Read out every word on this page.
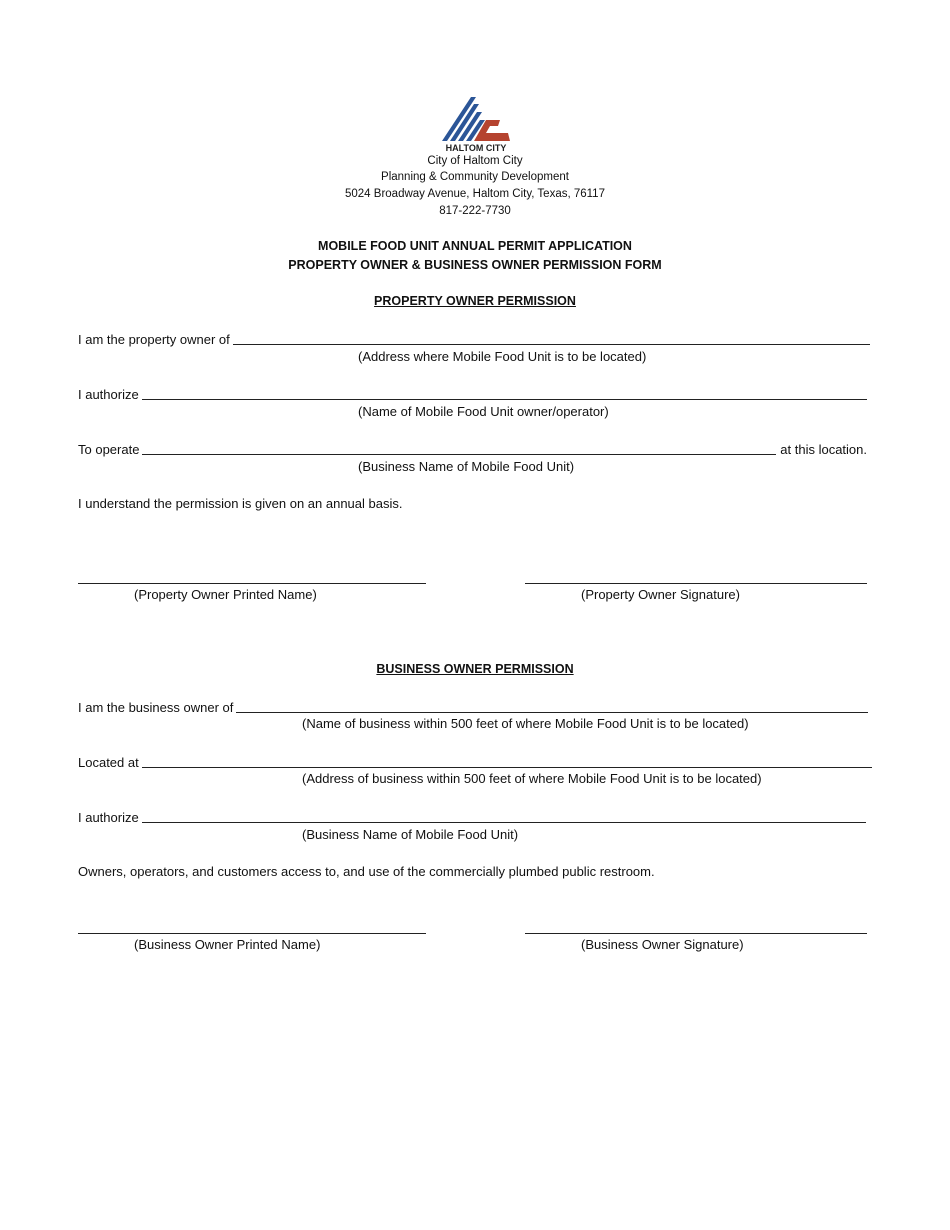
HALTOM CITY
City of Haltom City
Planning & Community Development
5024 Broadway Avenue, Haltom City, Texas, 76117
817-222-7730
MOBILE FOOD UNIT ANNUAL PERMIT APPLICATION
PROPERTY OWNER & BUSINESS OWNER PERMISSION FORM
PROPERTY OWNER PERMISSION
I am the property owner of
(Address where Mobile Food Unit is to be located)
I authorize
(Name of Mobile Food Unit owner/operator)
To operate	at this location.
(Business Name of Mobile Food Unit)
I understand the permission is given on an annual basis.
(Property Owner Printed Name)	(Property Owner Signature)
BUSINESS OWNER PERMISSION
I am the business owner of
(Name of business within 500 feet of where Mobile Food Unit is to be located)
Located at
(Address of business within 500 feet of where Mobile Food Unit is to be located)
I authorize
(Business Name of Mobile Food Unit)
Owners, operators, and customers access to, and use of the commercially plumbed public restroom.
(Business Owner Printed Name)	(Business Owner Signature)
